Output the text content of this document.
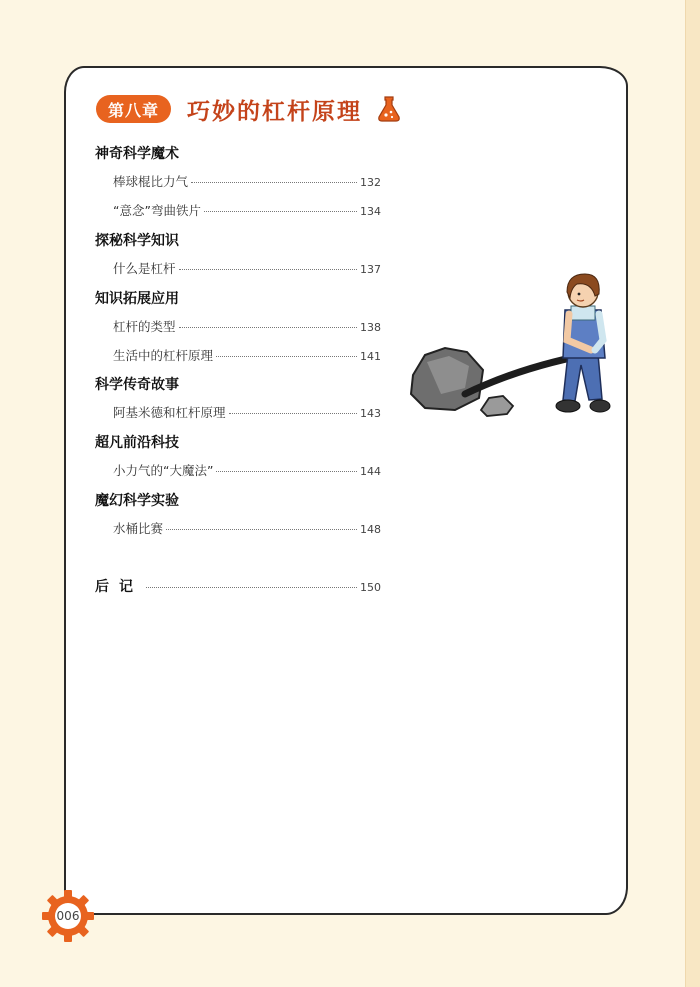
第八章	巧妙的杠杆原理
神奇科学魔术
棒球棍比力气	132
“意念”弯曲铁片	134
探秘科学知识
什么是杠杆	137
知识拓展应用
杠杆的类型	138
生活中的杠杆原理	141
科学传奇故事
阿基米德和杠杆原理	143
超凡前沿科技
小力气的“大魔法”	144
魔幻科学实验
水桶比赛	148
后记	150
006
